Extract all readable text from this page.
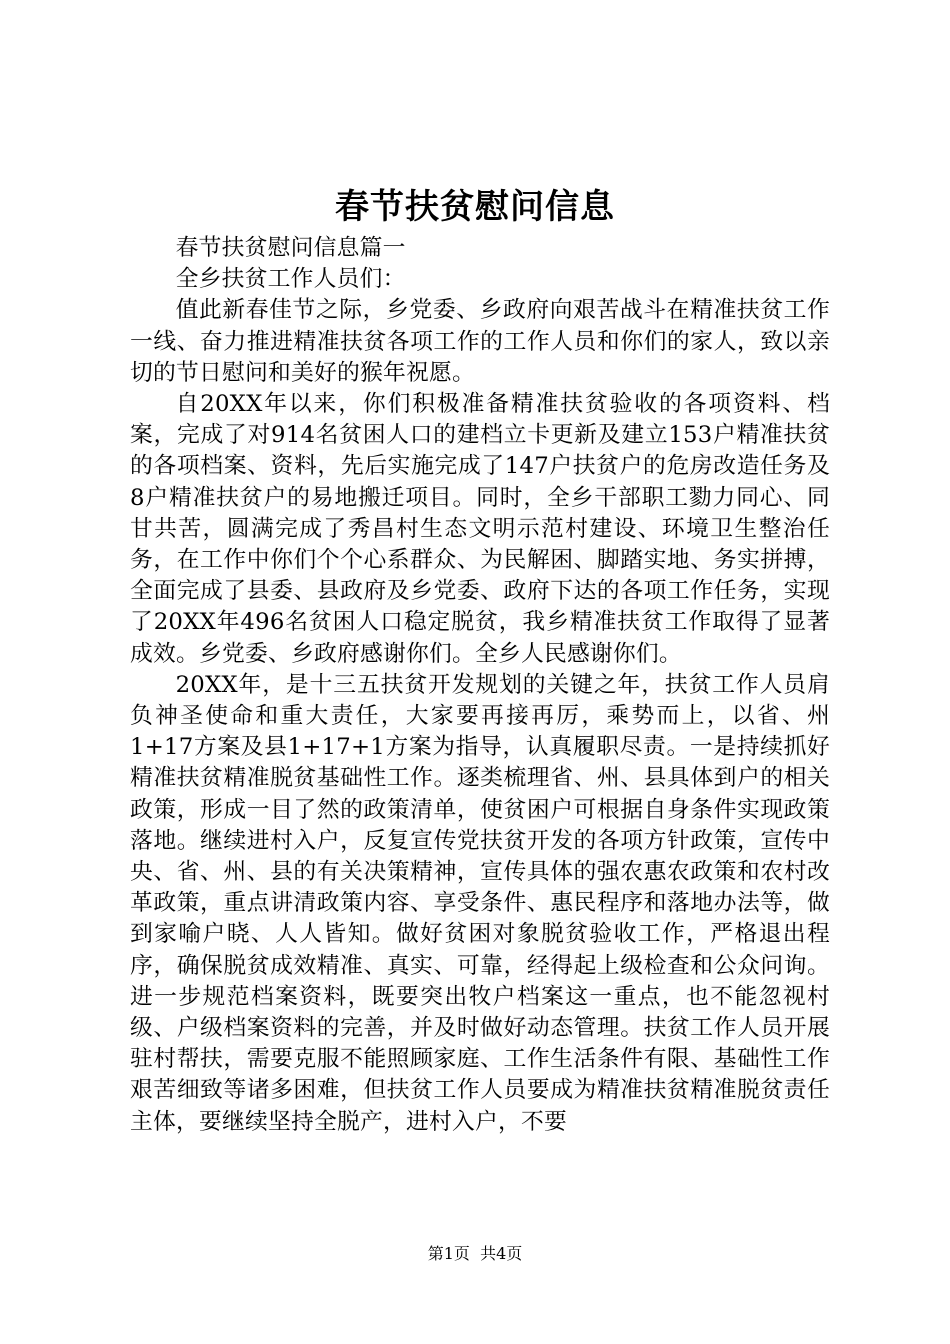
春节扶贫慰问信息

春节扶贫慰问信息篇一

全乡扶贫工作人员们：

值此新春佳节之际，乡党委、乡政府向艰苦战斗在精准扶贫工作一线、奋力推进精准扶贫各项工作的工作人员和你们的家人，致以亲切的节日慰问和美好的猴年祝愿。

自20XX年以来，你们积极准备精准扶贫验收的各项资料、档案，完成了对914名贫困人口的建档立卡更新及建立153户精准扶贫的各项档案、资料，先后实施完成了147户扶贫户的危房改造任务及8户精准扶贫户的易地搬迁项目。同时，全乡干部职工勠力同心、同甘共苦，圆满完成了秀昌村生态文明示范村建设、环境卫生整治任务，在工作中你们个个心系群众、为民解困、脚踏实地、务实拼搏，全面完成了县委、县政府及乡党委、政府下达的各项工作任务，实现了20XX年496名贫困人口稳定脱贫，我乡精准扶贫工作取得了显著成效。乡党委、乡政府感谢你们。全乡人民感谢你们。

20XX年，是十三五扶贫开发规划的关键之年，扶贫工作人员肩负神圣使命和重大责任，大家要再接再厉，乘势而上，以省、州1+17方案及县1+17+1方案为指导，认真履职尽责。一是持续抓好精准扶贫精准脱贫基础性工作。逐类梳理省、州、县具体到户的相关政策，形成一目了然的政策清单，使贫困户可根据自身条件实现政策落地。继续进村入户，反复宣传党扶贫开发的各项方针政策，宣传中央、省、州、县的有关决策精神，宣传具体的强农惠农政策和农村改革政策，重点讲清政策内容、享受条件、惠民程序和落地办法等，做到家喻户晓、人人皆知。做好贫困对象脱贫验收工作，严格退出程序，确保脱贫成效精准、真实、可靠，经得起上级检查和公众问询。进一步规范档案资料，既要突出牧户档案这一重点，也不能忽视村级、户级档案资料的完善，并及时做好动态管理。扶贫工作人员开展驻村帮扶，需要克服不能照顾家庭、工作生活条件有限、基础性工作艰苦细致等诸多困难，但扶贫工作人员要成为精准扶贫精准脱贫责任主体，要继续坚持全脱产，进村入户，不要

第1页  共4页
